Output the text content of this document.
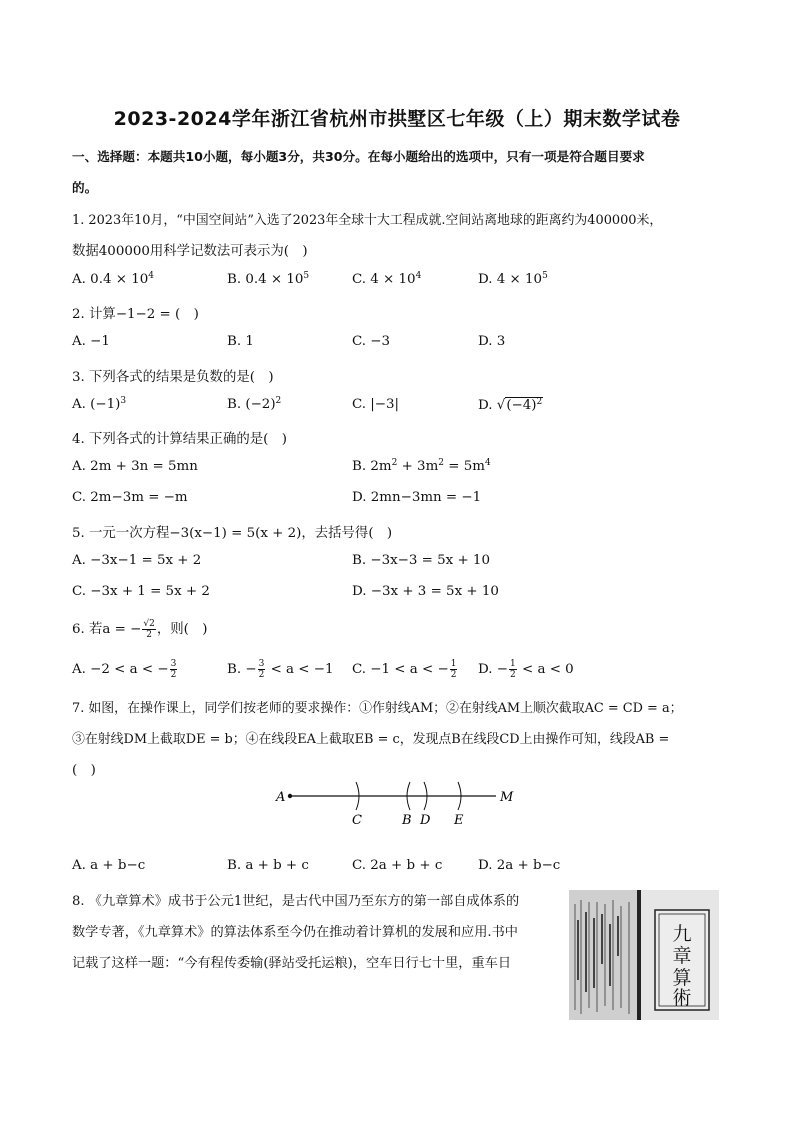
2023-2024学年浙江省杭州市拱墅区七年级（上）期末数学试卷
一、选择题：本题共10小题，每小题3分，共30分。在每小题给出的选项中，只有一项是符合题目要求
的。
1. 2023年10月，“中国空间站”入选了2023年全球十大工程成就.空间站离地球的距离约为400000米，
数据400000用科学记数法可表示为(　)
A. $0.4 \times 10^4$	B. $0.4 \times 10^5$	C. $4 \times 10^4$	D. $4 \times 10^5$
2. 计算−1−2 = (　)
A. −1	B. 1	C. −3	D. 3
3. 下列各式的结果是负数的是(　)
A. $(-1)^3$	B. $(-2)^2$	C. |−3|	D. $√(-4)^2$
4. 下列各式的计算结果正确的是(　)
A. 2m + 3n = 5mn	B. $2m^2 + 3m^2 = 5m^4$
C. 2m−3m = −m	D. 2mn−3mn = −1
5. 一元一次方程−3(x−1) = 5(x + 2)，去括号得(　)
A. −3x−1 = 5x + 2	B. −3x−3 = 5x + 10
C. −3x + 1 = 5x + 2	D. −3x + 3 = 5x + 10
6. 若a = − $\frac{√2}{2}$ ，则(　)
A. −2 < a < − $\frac{3}{2}$	B. − $\frac{3}{2} < a < -1$ C. −1 < a < − $\frac{1}{2} D$. − $\frac{1}{2} < a < 0$
7. 如图，在操作课上，同学们按老师的要求操作：①作射线AM；②在射线AM上顺次截取AC = CD = a；
③在射线DM上截取DE = b；④在线段EA上截取EB = c，发现点B在线段CD上由操作可知，线段AB =
(　)
A	M
C	B D E
A. a + b−c	B. a + b + c	C. 2a + b + c	D. 2a + b−c
8. 《九章算术》成书于公元1世纪，是古代中国乃至东方的第一部自成体系的
数学专著，《九章算术》的算法体系至今仍在推动着计算机的发展和应用.书中
记载了这样一题：“今有程传委输(驿站受托运粮)，空车日行七十里，重车日
九
章
算
術
